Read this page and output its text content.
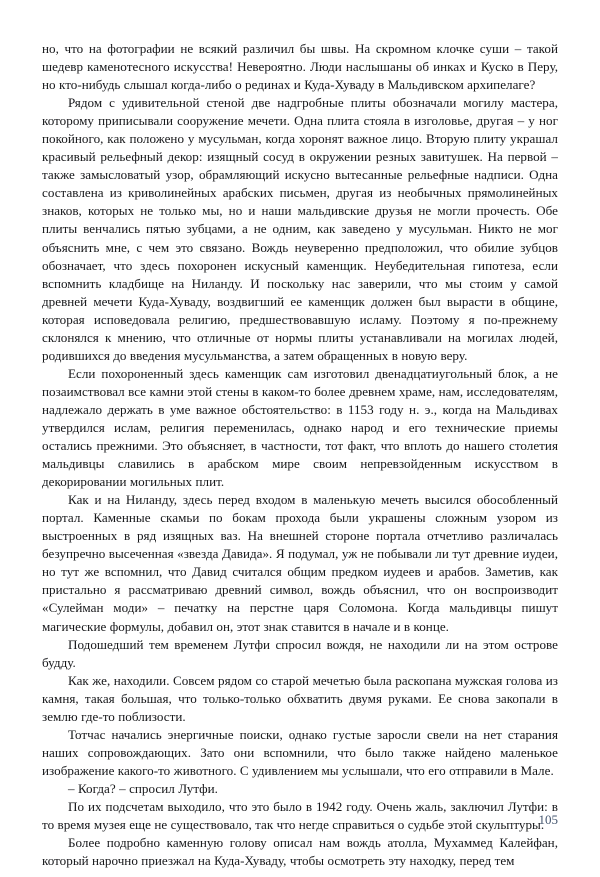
но, что на фотографии не всякий различил бы швы. На скромном клочке суши – такой шедевр каменотесного искусства! Невероятно. Люди наслышаны об инках и Куско в Перу, но кто-нибудь слышал когда-либо о рединах и Куда-Хуваду в Мальдивском архипелаге?

Рядом с удивительной стеной две надгробные плиты обозначали могилу мастера, которому приписывали сооружение мечети. Одна плита стояла в изголовье, другая – у ног покойного, как положено у мусульман, когда хоронят важное лицо. Вторую плиту украшал красивый рельефный декор: изящный сосуд в окружении резных завитушек. На первой – также замысловатый узор, обрамляющий искусно вытесанные рельефные надписи. Одна составлена из криволинейных арабских письмен, другая из необычных прямолинейных знаков, которых не только мы, но и наши мальдивские друзья не могли прочесть. Обе плиты венчались пятью зубцами, а не одним, как заведено у мусульман. Никто не мог объяснить мне, с чем это связано. Вождь неуверенно предположил, что обилие зубцов обозначает, что здесь похоронен искусный каменщик. Неубедительная гипотеза, если вспомнить кладбище на Ниланду. И поскольку нас заверили, что мы стоим у самой древней мечети Куда-Хуваду, воздвигший ее каменщик должен был вырасти в общине, которая исповедовала религию, предшествовавшую исламу. Поэтому я по-прежнему склонялся к мнению, что отличные от нормы плиты устанавливали на могилах людей, родившихся до введения мусульманства, а затем обращенных в новую веру.

Если похороненный здесь каменщик сам изготовил двенадцатиугольный блок, а не позаимствовал все камни этой стены в каком-то более древнем храме, нам, исследователям, надлежало держать в уме важное обстоятельство: в 1153 году н. э., когда на Мальдивах утвердился ислам, религия переменилась, однако народ и его технические приемы остались прежними. Это объясняет, в частности, тот факт, что вплоть до нашего столетия мальдивцы славились в арабском мире своим непревзойденным искусством в декорировании могильных плит.

Как и на Ниланду, здесь перед входом в маленькую мечеть высился обособленный портал. Каменные скамьи по бокам прохода были украшены сложным узором из выстроенных в ряд изящных ваз. На внешней стороне портала отчетливо различалась безупречно высеченная «звезда Давида». Я подумал, уж не побывали ли тут древние иудеи, но тут же вспомнил, что Давид считался общим предком иудеев и арабов. Заметив, как пристально я рассматриваю древний символ, вождь объяснил, что он воспроизводит «Сулейман моди» – печатку на перстне царя Соломона. Когда мальдивцы пишут магические формулы, добавил он, этот знак ставится в начале и в конце.

Подошедший тем временем Лутфи спросил вождя, не находили ли на этом острове будду.

Как же, находили. Совсем рядом со старой мечетью была раскопана мужская голова из камня, такая большая, что только-только обхватить двумя руками. Ее снова закопали в землю где-то поблизости.

Тотчас начались энергичные поиски, однако густые заросли свели на нет старания наших сопровождающих. Зато они вспомнили, что было также найдено маленькое изображение какого-то животного. С удивлением мы услышали, что его отправили в Мале.

– Когда? – спросил Лутфи.

По их подсчетам выходило, что это было в 1942 году. Очень жаль, заключил Лутфи: в то время музея еще не существовало, так что негде справиться о судьбе этой скульптуры.

Более подробно каменную голову описал нам вождь атолла, Мухаммед Калейфан, который нарочно приезжал на Куда-Хуваду, чтобы осмотреть эту находку, перед тем

105
